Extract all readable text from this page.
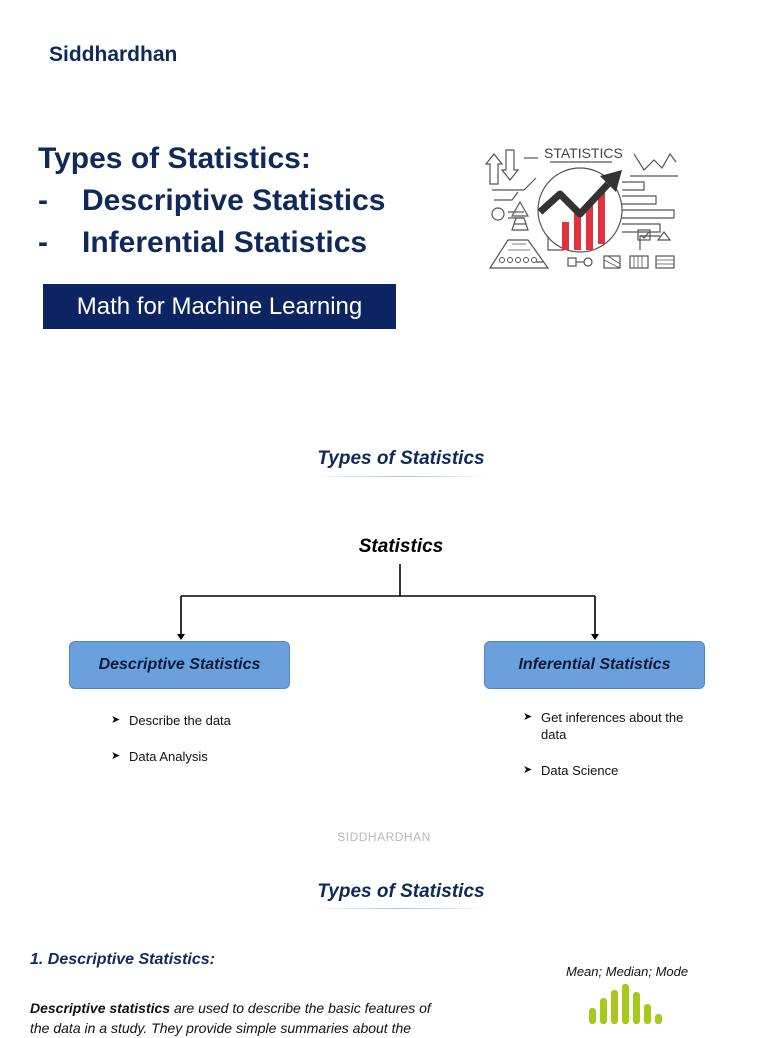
Siddhardhan
Types of Statistics:
- Descriptive Statistics
- Inferential Statistics
Math for Machine Learning
STATISTICS
Types of Statistics
Statistics
Descriptive Statistics	Inferential Statistics
➤ Describe the data
➤ Data Analysis
➤ Get inferences about the data
➤ Data Science
SIDDHARDHAN
Types of Statistics
1. Descriptive Statistics:
Descriptive statistics are used to describe the basic features of the data in a study. They provide simple summaries about the
Mean; Median; Mode
